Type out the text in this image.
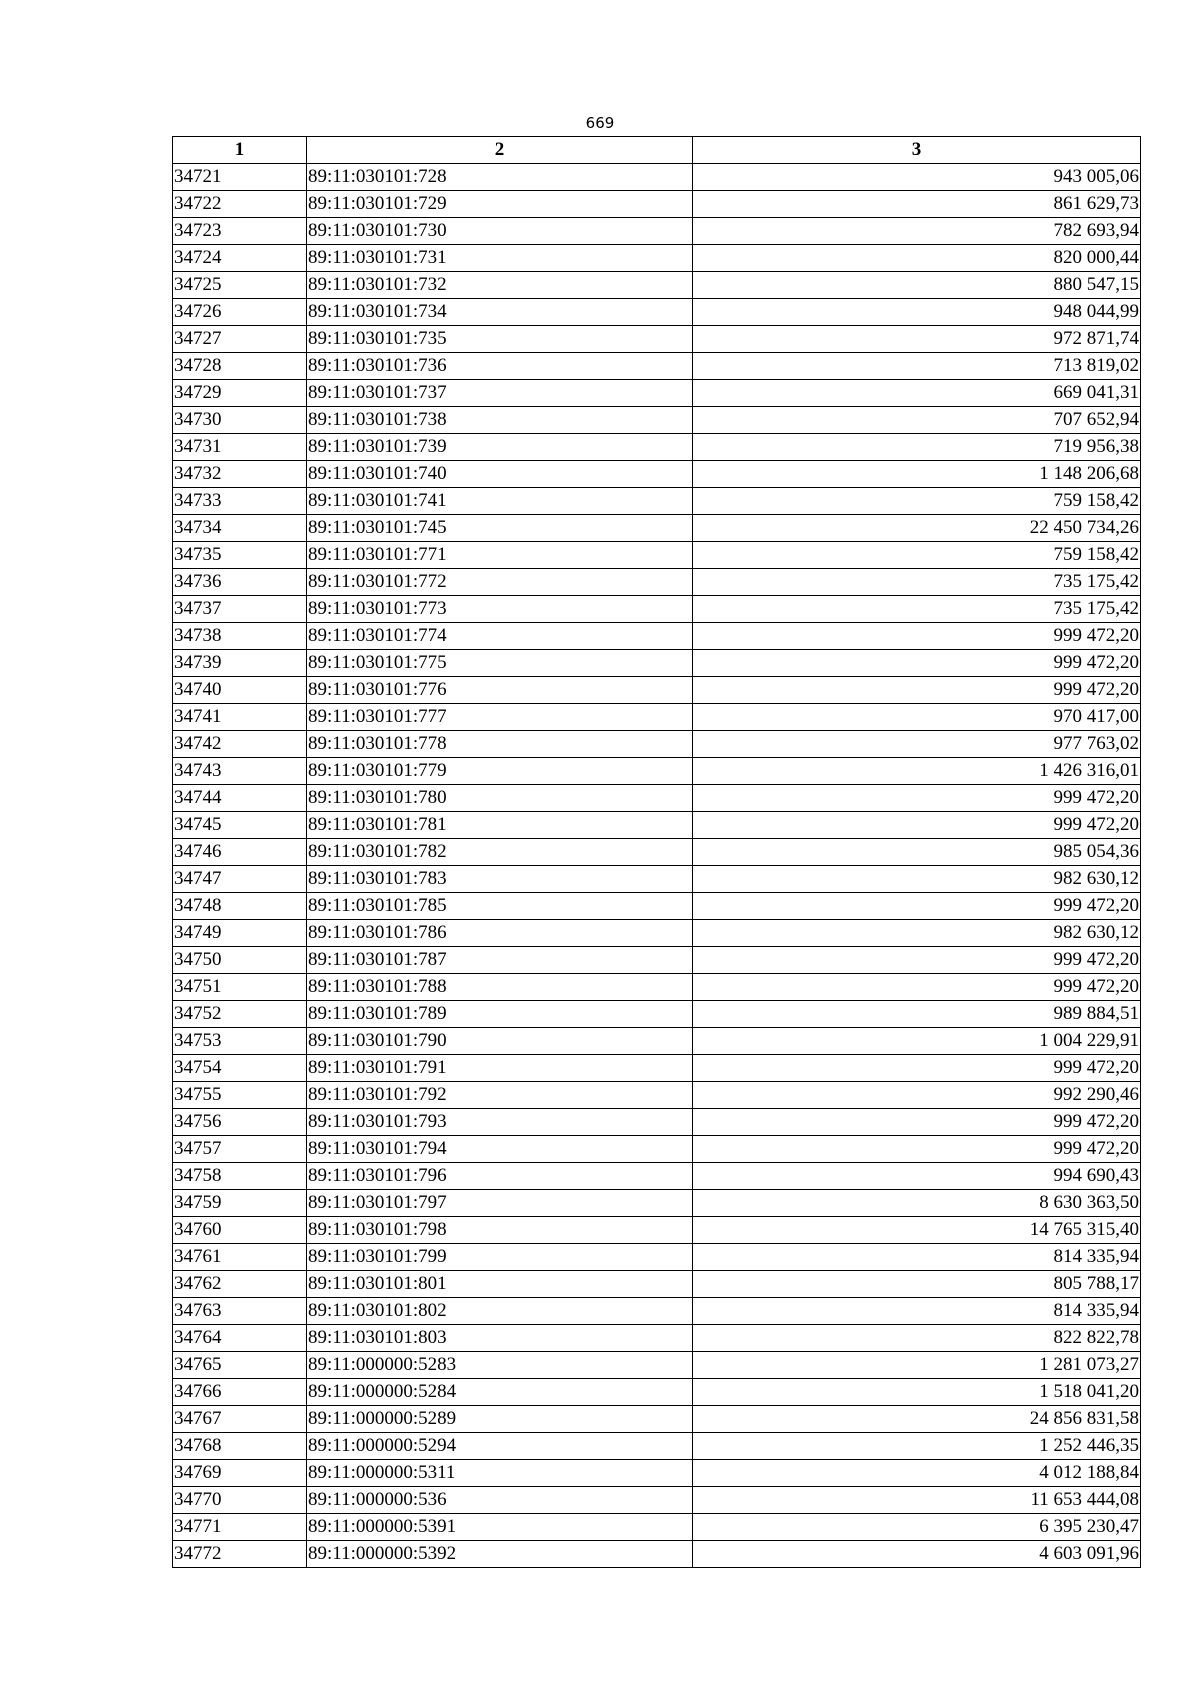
669
1	2	3
34721	89:11:030101:728	943 005,06
34722	89:11:030101:729	861 629,73
34723	89:11:030101:730	782 693,94
34724	89:11:030101:731	820 000,44
34725	89:11:030101:732	880 547,15
34726	89:11:030101:734	948 044,99
34727	89:11:030101:735	972 871,74
34728	89:11:030101:736	713 819,02
34729	89:11:030101:737	669 041,31
34730	89:11:030101:738	707 652,94
34731	89:11:030101:739	719 956,38
34732	89:11:030101:740	1 148 206,68
34733	89:11:030101:741	759 158,42
34734	89:11:030101:745	22 450 734,26
34735	89:11:030101:771	759 158,42
34736	89:11:030101:772	735 175,42
34737	89:11:030101:773	735 175,42
34738	89:11:030101:774	999 472,20
34739	89:11:030101:775	999 472,20
34740	89:11:030101:776	999 472,20
34741	89:11:030101:777	970 417,00
34742	89:11:030101:778	977 763,02
34743	89:11:030101:779	1 426 316,01
34744	89:11:030101:780	999 472,20
34745	89:11:030101:781	999 472,20
34746	89:11:030101:782	985 054,36
34747	89:11:030101:783	982 630,12
34748	89:11:030101:785	999 472,20
34749	89:11:030101:786	982 630,12
34750	89:11:030101:787	999 472,20
34751	89:11:030101:788	999 472,20
34752	89:11:030101:789	989 884,51
34753	89:11:030101:790	1 004 229,91
34754	89:11:030101:791	999 472,20
34755	89:11:030101:792	992 290,46
34756	89:11:030101:793	999 472,20
34757	89:11:030101:794	999 472,20
34758	89:11:030101:796	994 690,43
34759	89:11:030101:797	8 630 363,50
34760	89:11:030101:798	14 765 315,40
34761	89:11:030101:799	814 335,94
34762	89:11:030101:801	805 788,17
34763	89:11:030101:802	814 335,94
34764	89:11:030101:803	822 822,78
34765	89:11:000000:5283	1 281 073,27
34766	89:11:000000:5284	1 518 041,20
34767	89:11:000000:5289	24 856 831,58
34768	89:11:000000:5294	1 252 446,35
34769	89:11:000000:5311	4 012 188,84
34770	89:11:000000:536	11 653 444,08
34771	89:11:000000:5391	6 395 230,47
34772	89:11:000000:5392	4 603 091,96
